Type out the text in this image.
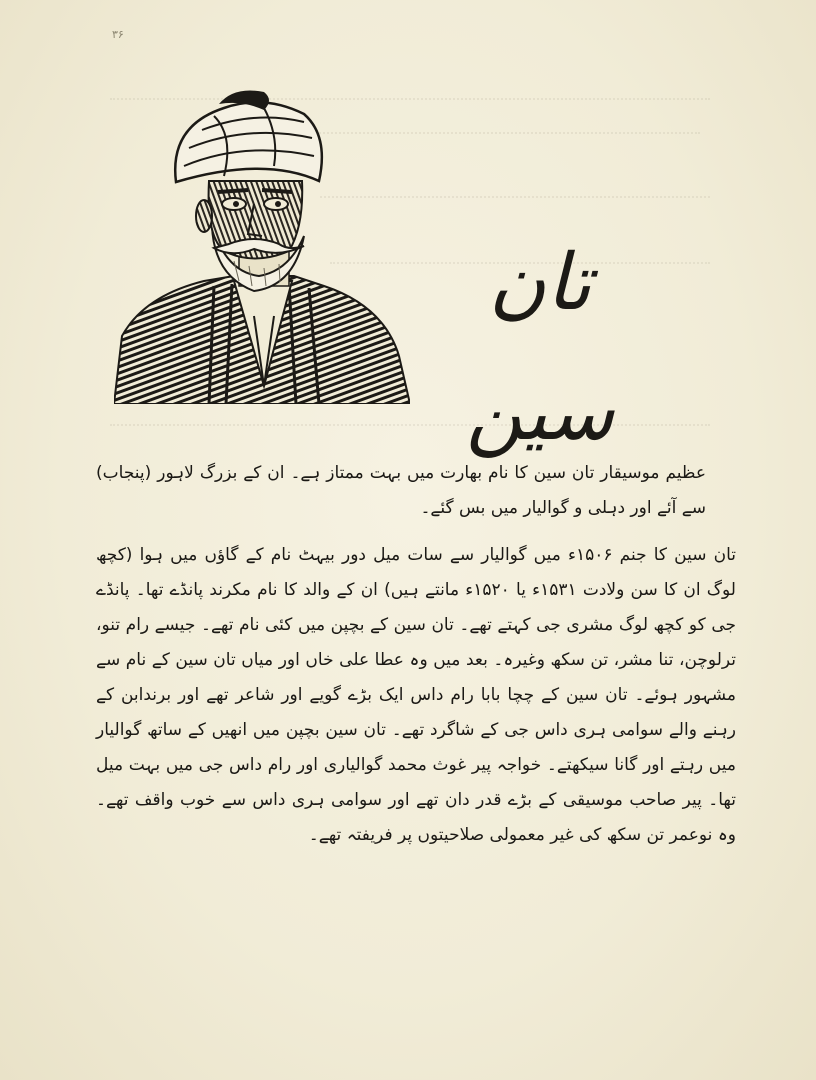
۳۶
تان سین

عظیم موسیقار تان سین کا نام بھارت میں بہت ممتاز ہے۔ ان کے بزرگ لاہور (پنجاب) سے آئے اور دہلی و گوالیار میں بس گئے۔

تان سین کا جنم ۱۵۰۶ء میں گوالیار سے سات میل دور بیہٹ نام کے گاؤں میں ہوا (کچھ لوگ ان کا سن ولادت ۱۵۳۱ء یا ۱۵۲۰ء مانتے ہیں) ان کے والد کا نام مکرند پانڈے تھا۔ پانڈے جی کو کچھ لوگ مشری جی کہتے تھے۔ تان سین کے بچپن میں کئی نام تھے۔ جیسے رام تنو، ترلوچن، تنا مشر، تن سکھ وغیرہ۔ بعد میں وہ عطا علی خاں اور میاں تان سین کے نام سے مشہور ہوئے۔ تان سین کے چچا بابا رام داس ایک بڑے گویے اور شاعر تھے اور برندابن کے رہنے والے سوامی ہری داس جی کے شاگرد تھے۔ تان سین بچپن میں انھیں کے ساتھ گوالیار میں رہتے اور گانا سیکھتے۔ خواجہ پیر غوث محمد گوالیاری اور رام داس جی میں بہت میل تھا۔ پیر صاحب موسیقی کے بڑے قدر دان تھے اور سوامی ہری داس سے خوب واقف تھے۔ وہ نوعمر تن سکھ کی غیر معمولی صلاحیتوں پر فریفتہ تھے۔
